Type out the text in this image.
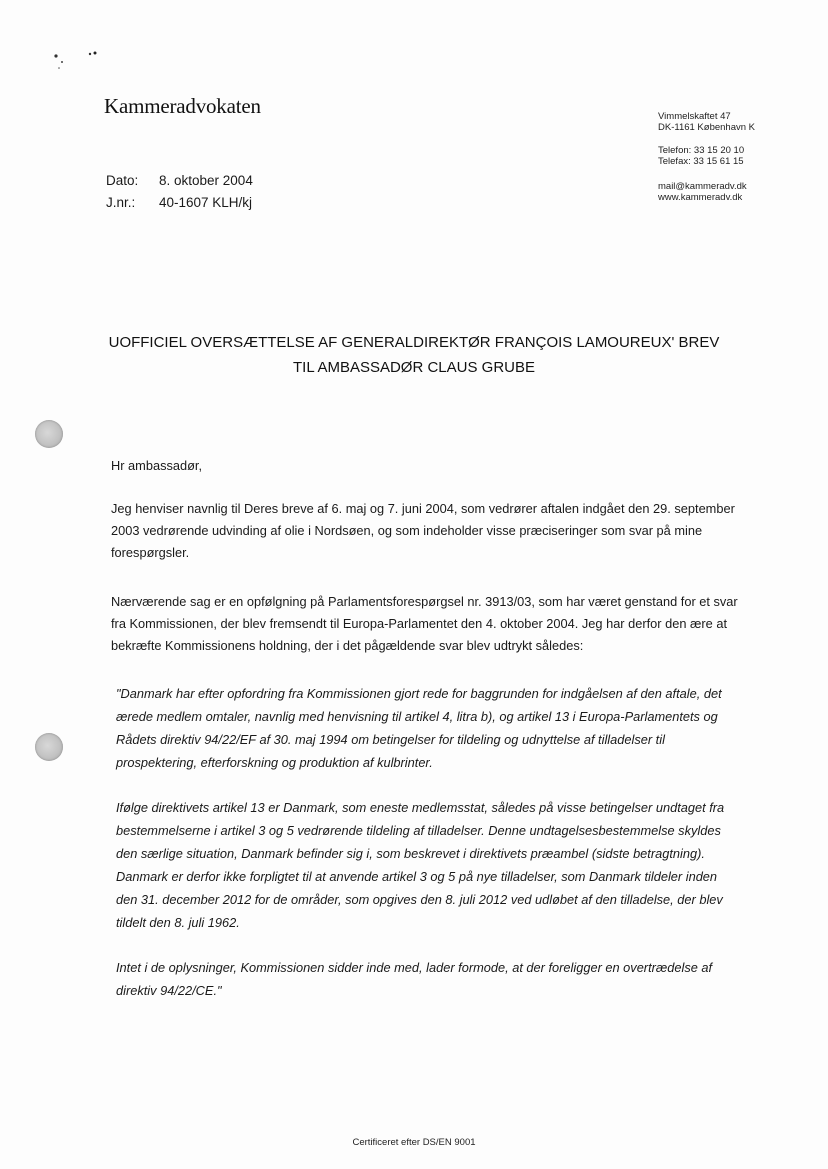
Kammeradvokaten	Vimmelskaftet 47
DK-1161 København K
Telefon: 33 15 20 10
Telefax: 33 15 61 15
mail@kammeradv.dk
www.kammeradv.dk
Dato:	8. oktober 2004
J.nr.:	40-1607 KLH/kj
UOFFICIEL OVERSÆTTELSE AF GENERALDIREKTØR FRANÇOIS LAMOUREUX' BREV
TIL AMBASSADØR CLAUS GRUBE
Hr ambassadør,
Jeg henviser navnlig til Deres breve af 6. maj og 7. juni 2004, som vedrører aftalen indgået den 29. september 2003 vedrørende udvinding af olie i Nordsøen, og som indeholder visse præciseringer som svar på mine forespørgsler.
Nærværende sag er en opfølgning på Parlamentsforespørgsel nr. 3913/03, som har været genstand for et svar fra Kommissionen, der blev fremsendt til Europa-Parlamentet den 4. oktober 2004. Jeg har derfor den ære at bekræfte Kommissionens holdning, der i det pågældende svar blev udtrykt således:
"Danmark har efter opfordring fra Kommissionen gjort rede for baggrunden for indgåelsen af den aftale, det ærede medlem omtaler, navnlig med henvisning til artikel 4, litra b), og artikel 13 i Europa-Parlamentets og Rådets direktiv 94/22/EF af 30. maj 1994 om betingelser for tildeling og udnyttelse af tilladelser til prospektering, efterforskning og produktion af kulbrinter.
Ifølge direktivets artikel 13 er Danmark, som eneste medlemsstat, således på visse betingelser undtaget fra bestemmelserne i artikel 3 og 5 vedrørende tildeling af tilladelser. Denne undtagelsesbestemmelse skyldes den særlige situation, Danmark befinder sig i, som beskrevet i direktivets præambel (sidste betragtning). Danmark er derfor ikke forpligtet til at anvende artikel 3 og 5 på nye tilladelser, som Danmark tildeler inden den 31. december 2012 for de områder, som opgives den 8. juli 2012 ved udløbet af den tilladelse, der blev tildelt den 8. juli 1962.
Intet i de oplysninger, Kommissionen sidder inde med, lader formode, at der foreligger en overtrædelse af direktiv 94/22/CE."
Certificeret efter DS/EN 9001
